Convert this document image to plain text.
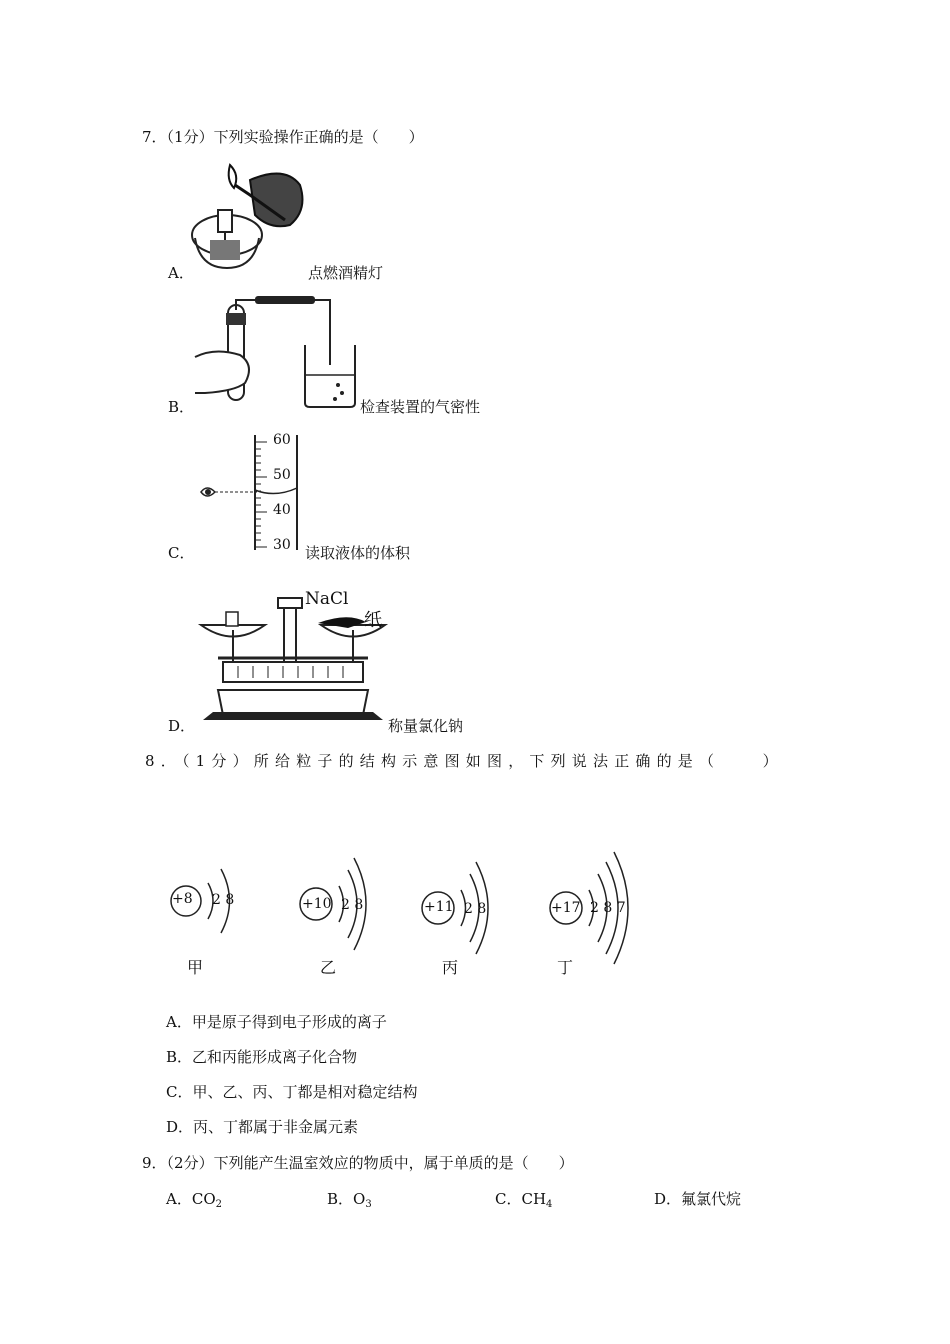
7．（1分）下列实验操作正确的是（　　）
A．	点燃酒精灯
B．	检查装置的气密性
60
50
40
30
C．	读取液体的体积
NaCl
纸
D．	称量氯化钠
8．（1分）所给粒子的结构示意图如图，下列说法正确的是（　　）
+8 2 8
甲
+10 2 8
乙
+11 2 8
丙
+17 2 8 7
丁
A．甲是原子得到电子形成的离子
B．乙和丙能形成离子化合物
C．甲、乙、丙、丁都是相对稳定结构
D．丙、丁都属于非金属元素
9．（2分）下列能产生温室效应的物质中，属于单质的是（　　）
A．$CO_2$	B．$O_3$	C．$CH_4$	D．氟氯代烷
